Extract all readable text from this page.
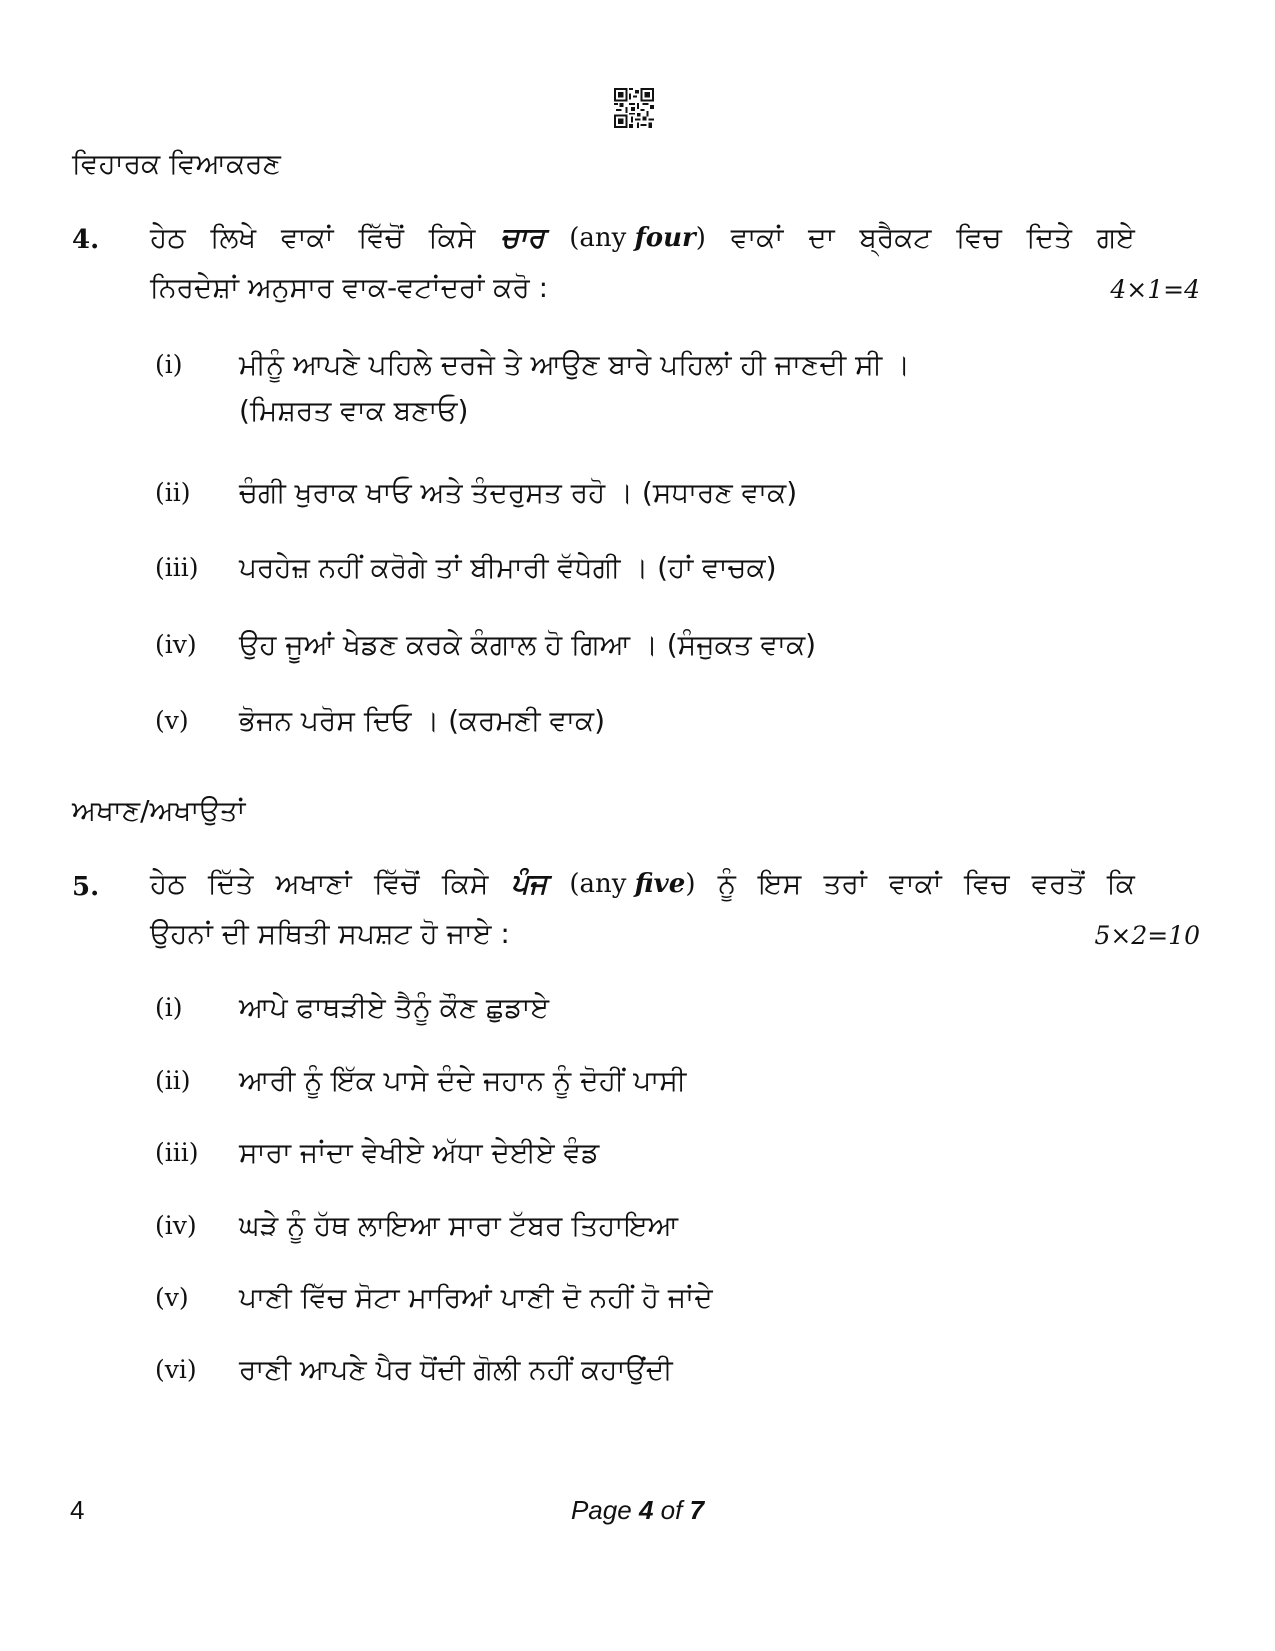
ਵਿਹਾਰਕ ਵਿਆਕਰਣ
4. ਹੇਠ ਲਿਖੇ ਵਾਕਾਂ ਵਿੱਚੋਂ ਕਿਸੇ ਚਾਰ (any four) ਵਾਕਾਂ ਦਾ ਬ੍ਰੈਕਟ ਵਿਚ ਦਿਤੇ ਗਏ
ਨਿਰਦੇਸ਼ਾਂ ਅਨੁਸਾਰ ਵਾਕ-ਵਟਾਂਦਰਾਂ ਕਰੋ :	4×1=4
(i)	ਮੀਨੂੰ ਆਪਣੇ ਪਹਿਲੇ ਦਰਜੇ ਤੇ ਆਉਣ ਬਾਰੇ ਪਹਿਲਾਂ ਹੀ ਜਾਣਦੀ ਸੀ ।
(ਮਿਸ਼ਰਤ ਵਾਕ ਬਣਾਓ)
(ii)	ਚੰਗੀ ਖੁਰਾਕ ਖਾਓ ਅਤੇ ਤੰਦਰੁਸਤ ਰਹੋ । (ਸਧਾਰਣ ਵਾਕ)
(iii)	ਪਰਹੇਜ਼ ਨਹੀਂ ਕਰੋਗੇ ਤਾਂ ਬੀਮਾਰੀ ਵੱਧੇਗੀ । (ਹਾਂ ਵਾਚਕ)
(iv)	ਉਹ ਜੂਆਂ ਖੇਡਣ ਕਰਕੇ ਕੰਗਾਲ ਹੋ ਗਿਆ । (ਸੰਜੁਕਤ ਵਾਕ)
(v)	ਭੋਜਨ ਪਰੋਸ ਦਿਓ । (ਕਰਮਣੀ ਵਾਕ)
ਅਖਾਣ/ਅਖਾਉਤਾਂ
5. ਹੇਠ ਦਿੱਤੇ ਅਖਾਣਾਂ ਵਿੱਚੋਂ ਕਿਸੇ ਪੰਜ (any five) ਨੂੰ ਇਸ ਤਰਾਂ ਵਾਕਾਂ ਵਿਚ ਵਰਤੋਂ ਕਿ
ਉਹਨਾਂ ਦੀ ਸਥਿਤੀ ਸਪਸ਼ਟ ਹੋ ਜਾਏ :	5×2=10
(i)	ਆਪੇ ਫਾਥੜੀਏ ਤੈਨੂੰ ਕੌਣ ਛੁਡਾਏ
(ii)	ਆਰੀ ਨੂੰ ਇੱਕ ਪਾਸੇ ਦੰਦੇ ਜਹਾਨ ਨੂੰ ਦੋਹੀਂ ਪਾਸੀ
(iii)	ਸਾਰਾ ਜਾਂਦਾ ਵੇਖੀਏ ਅੱਧਾ ਦੇਈਏ ਵੰਡ
(iv)	ਘੜੇ ਨੂੰ ਹੱਥ ਲਾਇਆ ਸਾਰਾ ਟੱਬਰ ਤਿਹਾਇਆ
(v)	ਪਾਣੀ ਵਿੱਚ ਸੋਟਾ ਮਾਰਿਆਂ ਪਾਣੀ ਦੋ ਨਹੀਂ ਹੋ ਜਾਂਦੇ
(vi)	ਰਾਣੀ ਆਪਣੇ ਪੈਰ ਧੋਂਦੀ ਗੋਲੀ ਨਹੀਂ ਕਹਾਉਂਦੀ
4	Page 4 of 7
